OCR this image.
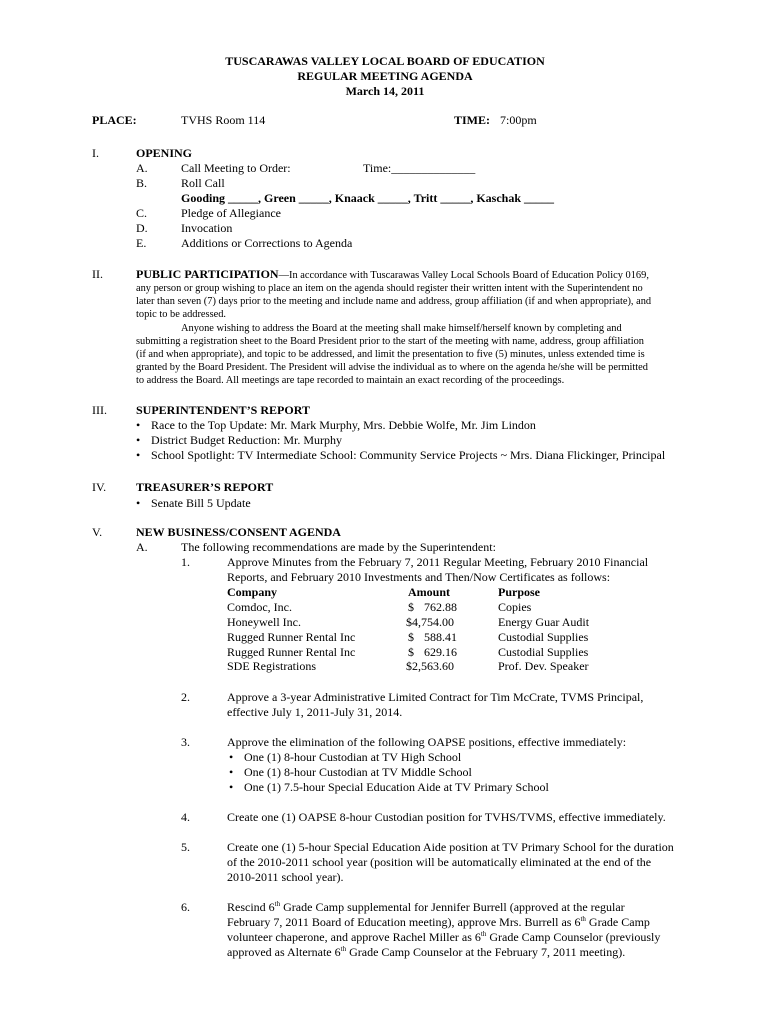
TUSCARAWAS VALLEY LOCAL BOARD OF EDUCATION
REGULAR MEETING AGENDA
March 14, 2011
PLACE:	TVHS Room 114	TIME: 7:00pm
I.	OPENING
A.	Call Meeting to Order:	Time:______________
B.	Roll Call
Gooding _____, Green _____, Knaack _____, Tritt _____, Kaschak _____
C.	Pledge of Allegiance
D.	Invocation
E.	Additions or Corrections to Agenda
II.	PUBLIC PARTICIPATION—In accordance with Tuscarawas Valley Local Schools Board of Education Policy 0169,
any person or group wishing to place an item on the agenda should register their written intent with the Superintendent no
later than seven (7) days prior to the meeting and include name and address, group affiliation (if and when appropriate), and
topic to be addressed.
Anyone wishing to address the Board at the meeting shall make himself/herself known by completing and
submitting a registration sheet to the Board President prior to the start of the meeting with name, address, group affiliation
(if and when appropriate), and topic to be addressed, and limit the presentation to five (5) minutes, unless extended time is
granted by the Board President. The President will advise the individual as to where on the agenda he/she will be permitted
to address the Board. All meetings are tape recorded to maintain an exact recording of the proceedings.
III. SUPERINTENDENT’S REPORT
• Race to the Top Update: Mr. Mark Murphy, Mrs. Debbie Wolfe, Mr. Jim Lindon
• District Budget Reduction: Mr. Murphy
• School Spotlight: TV Intermediate School: Community Service Projects ~ Mrs. Diana Flickinger, Principal
IV. TREASURER’S REPORT
• Senate Bill 5 Update
V.	NEW BUSINESS/CONSENT AGENDA
A.	The following recommendations are made by the Superintendent:
1.	Approve Minutes from the February 7, 2011 Regular Meeting, February 2010 Financial
Reports, and February 2010 Investments and Then/Now Certificates as follows:
Company	Amount	Purpose
Comdoc, Inc.	$ 762.88	Copies
Honeywell Inc.	$4,754.00	Energy Guar Audit
Rugged Runner Rental Inc	$ 588.41	Custodial Supplies
Rugged Runner Rental Inc	$ 629.16	Custodial Supplies
SDE Registrations	$2,563.60	Prof. Dev. Speaker
2.	Approve a 3-year Administrative Limited Contract for Tim McCrate, TVMS Principal,
effective July 1, 2011-July 31, 2014.
3.	Approve the elimination of the following OAPSE positions, effective immediately:
• One (1) 8-hour Custodian at TV High School
• One (1) 8-hour Custodian at TV Middle School
• One (1) 7.5-hour Special Education Aide at TV Primary School
4.	Create one (1) OAPSE 8-hour Custodian position for TVHS/TVMS, effective immediately.
5.	Create one (1) 5-hour Special Education Aide position at TV Primary School for the duration
of the 2010-2011 school year (position will be automatically eliminated at the end of the
2010-2011 school year).
6.	Rescind 6th Grade Camp supplemental for Jennifer Burrell (approved at the regular
February 7, 2011 Board of Education meeting), approve Mrs. Burrell as 6th Grade Camp
volunteer chaperone, and approve Rachel Miller as 6th Grade Camp Counselor (previously
approved as Alternate 6th Grade Camp Counselor at the February 7, 2011 meeting).
